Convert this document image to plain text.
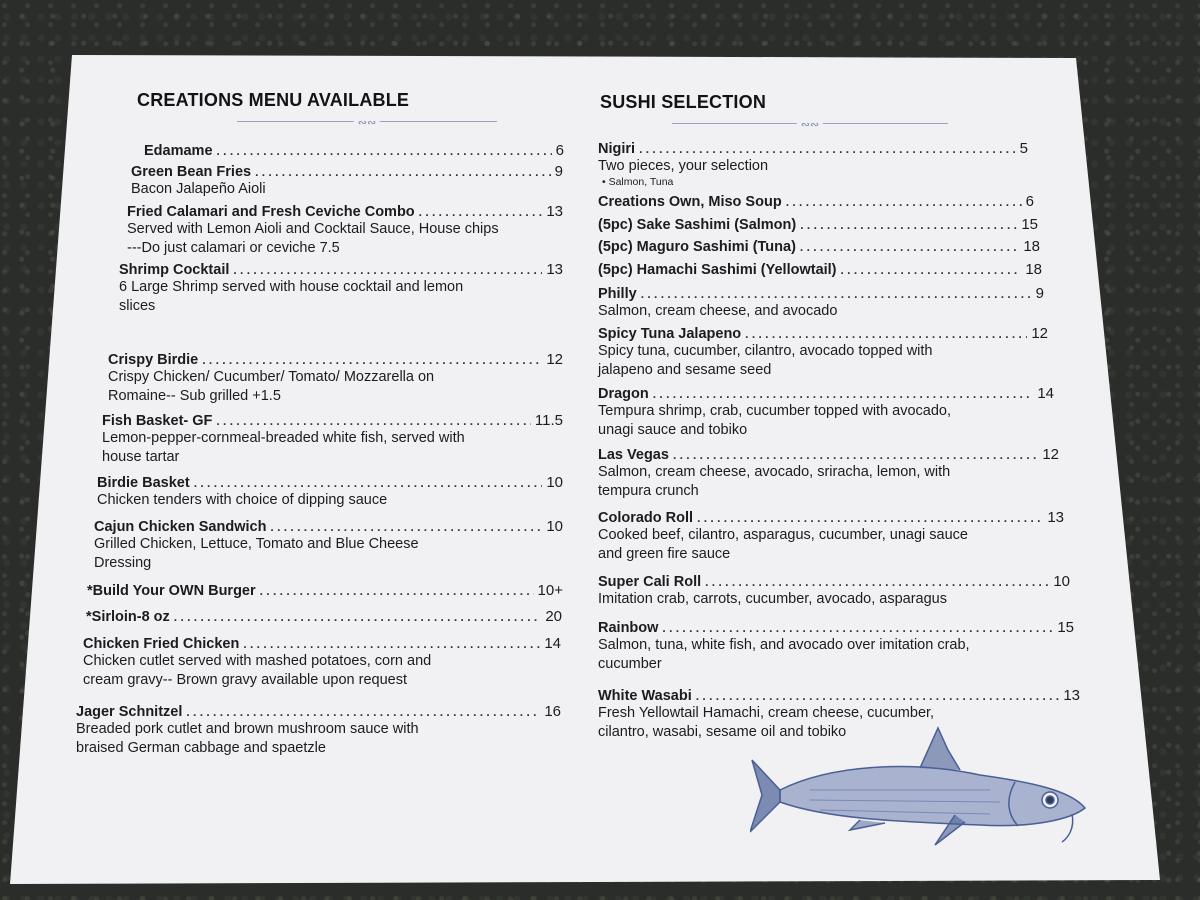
CREATIONS MENU AVAILABLE
∾∾
Edamame . . .	6
Green Bean Fries . . .	9
Bacon Jalapeño Aioli
Fried Calamari and Fresh Ceviche Combo . . .	13
Served with Lemon Aioli and Cocktail Sauce, House chips
---Do just calamari or ceviche 7.5
Shrimp Cocktail . . .	13
6 Large Shrimp served with house cocktail and lemon
slices
Crispy Birdie . . .	12
Crispy Chicken/ Cucumber/ Tomato/ Mozzarella on
Romaine-- Sub grilled +1.5
Fish Basket- GF . . .	11.5
Lemon-pepper-cornmeal-breaded white fish, served with
house tartar
Birdie Basket . . .	10
Chicken tenders with choice of dipping sauce
Cajun Chicken Sandwich . . .	10
Grilled Chicken, Lettuce, Tomato and Blue Cheese
Dressing
*Build Your OWN Burger . . .	10+
*Sirloin-8 oz . . .	20
Chicken Fried Chicken . . .	14
Chicken cutlet served with mashed potatoes, corn and
cream gravy-- Brown gravy available upon request
Jager Schnitzel . . .	16
Breaded pork cutlet and brown mushroom sauce with
braised German cabbage and spaetzle
SUSHI SELECTION
∾∾
Nigiri . . .	5
Two pieces, your selection
• Salmon, Tuna
Creations Own, Miso Soup . . .	6
(5pc) Sake Sashimi (Salmon) . . .	15
(5pc) Maguro Sashimi (Tuna) . . .	18
(5pc) Hamachi Sashimi (Yellowtail) . . .	18
Philly . . .	9
Salmon, cream cheese, and avocado
Spicy Tuna Jalapeno . . .	12
Spicy tuna, cucumber, cilantro, avocado topped with
jalapeno and sesame seed
Dragon . . .	14
Tempura shrimp, crab, cucumber topped with avocado,
unagi sauce and tobiko
Las Vegas . . .	12
Salmon, cream cheese, avocado, sriracha, lemon, with
tempura crunch
Colorado Roll . . .	13
Cooked beef, cilantro, asparagus, cucumber, unagi sauce
and green fire sauce
Super Cali Roll . . .	10
Imitation crab, carrots, cucumber, avocado, asparagus
Rainbow . . .	15
Salmon, tuna, white fish, and avocado over imitation crab,
cucumber
White Wasabi . . .	13
Fresh Yellowtail Hamachi, cream cheese, cucumber,
cilantro, wasabi, sesame oil and tobiko
